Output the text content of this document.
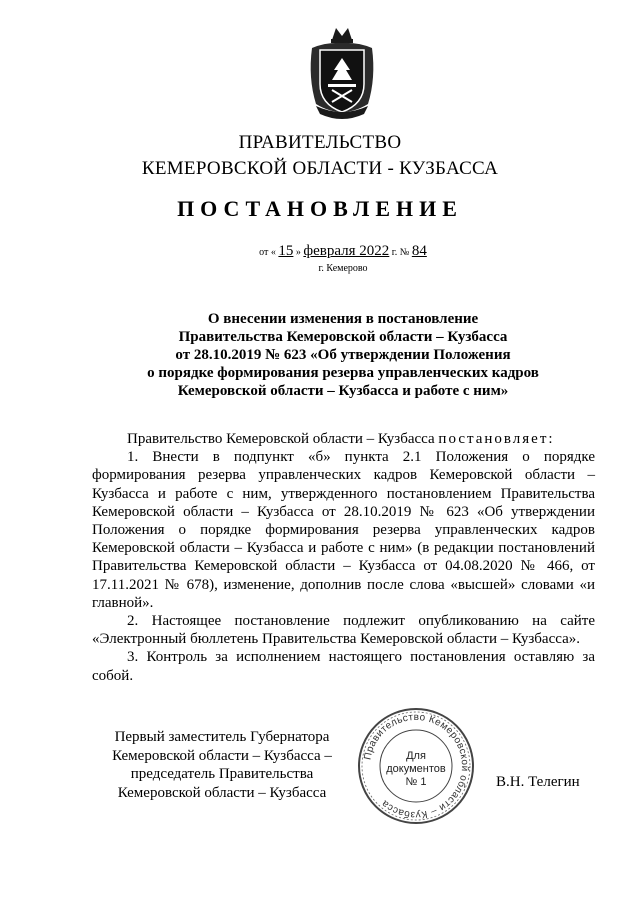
ПРАВИТЕЛЬСТВО
КЕМЕРОВСКОЙ ОБЛАСТИ - КУЗБАССА
ПОСТАНОВЛЕНИЕ
от « 15 » февраля 2022 г. № 84
г. Кемерово
О внесении изменения в постановление
Правительства Кемеровской области – Кузбасса
от 28.10.2019 № 623 «Об утверждении Положения
о порядке формирования резерва управленческих кадров
Кемеровской области – Кузбасса и работе с ним»

Правительство Кемеровской области – Кузбасса постановляет:

1. Внести в подпункт «б» пункта 2.1 Положения о порядке формирования резерва управленческих кадров Кемеровской области – Кузбасса и работе с ним, утвержденного постановлением Правительства Кемеровской области – Кузбасса от 28.10.2019 № 623 «Об утверждении Положения о порядке формирования резерва управленческих кадров Кемеровской области – Кузбасса и работе с ним» (в редакции постановлений Правительства Кемеровской области – Кузбасса от 04.08.2020 № 466, от 17.11.2021 № 678), изменение, дополнив после слова «высшей» словами «и главной».

2. Настоящее постановление подлежит опубликованию на сайте «Электронный бюллетень Правительства Кемеровской области – Кузбасса».

3. Контроль за исполнением настоящего постановления оставляю за собой.

Первый заместитель Губернатора
Кемеровской области – Кузбасса –
председатель Правительства
Кемеровской области – Кузбасса
Правительство Кемеровской области – Кузбасса
Для
документов
№ 1	В.Н. Телегин
